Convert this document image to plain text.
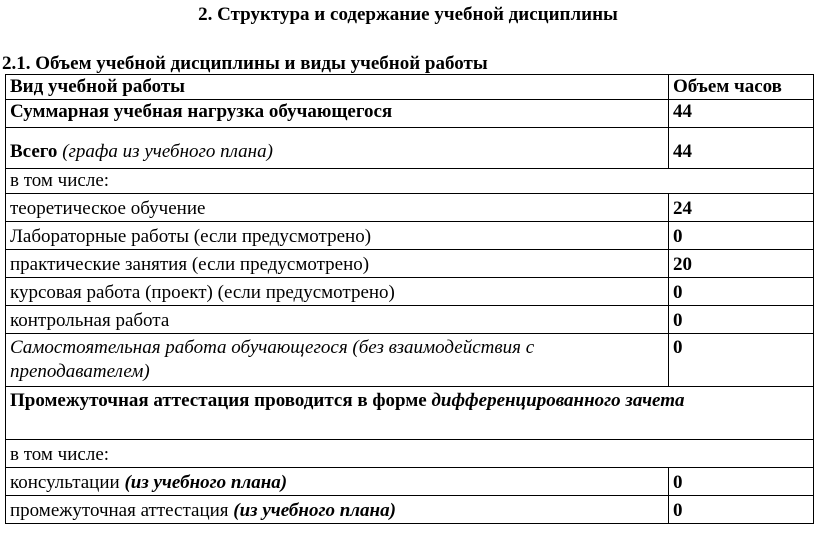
2. Структура и содержание учебной дисциплины
2.1. Объем учебной дисциплины и виды учебной работы
Вид учебной работы	Объем часов
Суммарная учебная нагрузка обучающегося	44
Всего (графа из учебного плана)	44
в том числе:	
теоретическое обучение	24
Лабораторные работы (если предусмотрено)	0
практические занятия (если предусмотрено)	20
курсовая работа (проект) (если предусмотрено)	0
контрольная работа	0
Самостоятельная работа обучающегося (без взаимодействия с преподавателем)	0
Промежуточная аттестация проводится в форме дифференцированного зачета	
в том числе:	
консультации (из учебного плана)	0
промежуточная аттестация (из учебного плана)	0
